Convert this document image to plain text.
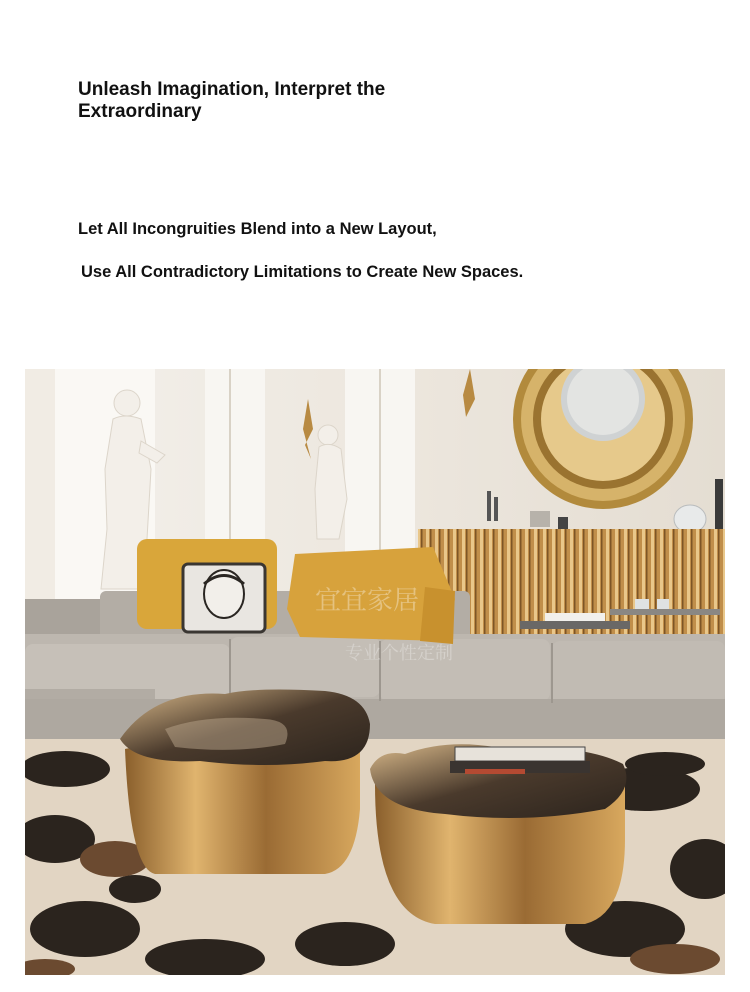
Unleash Imagination, Interpret the Extraordinary

Let All Incongruities Blend into a New Layout,

Use All Contradictory Limitations to Create New Spaces.

宜宜家居
专业个性定制
